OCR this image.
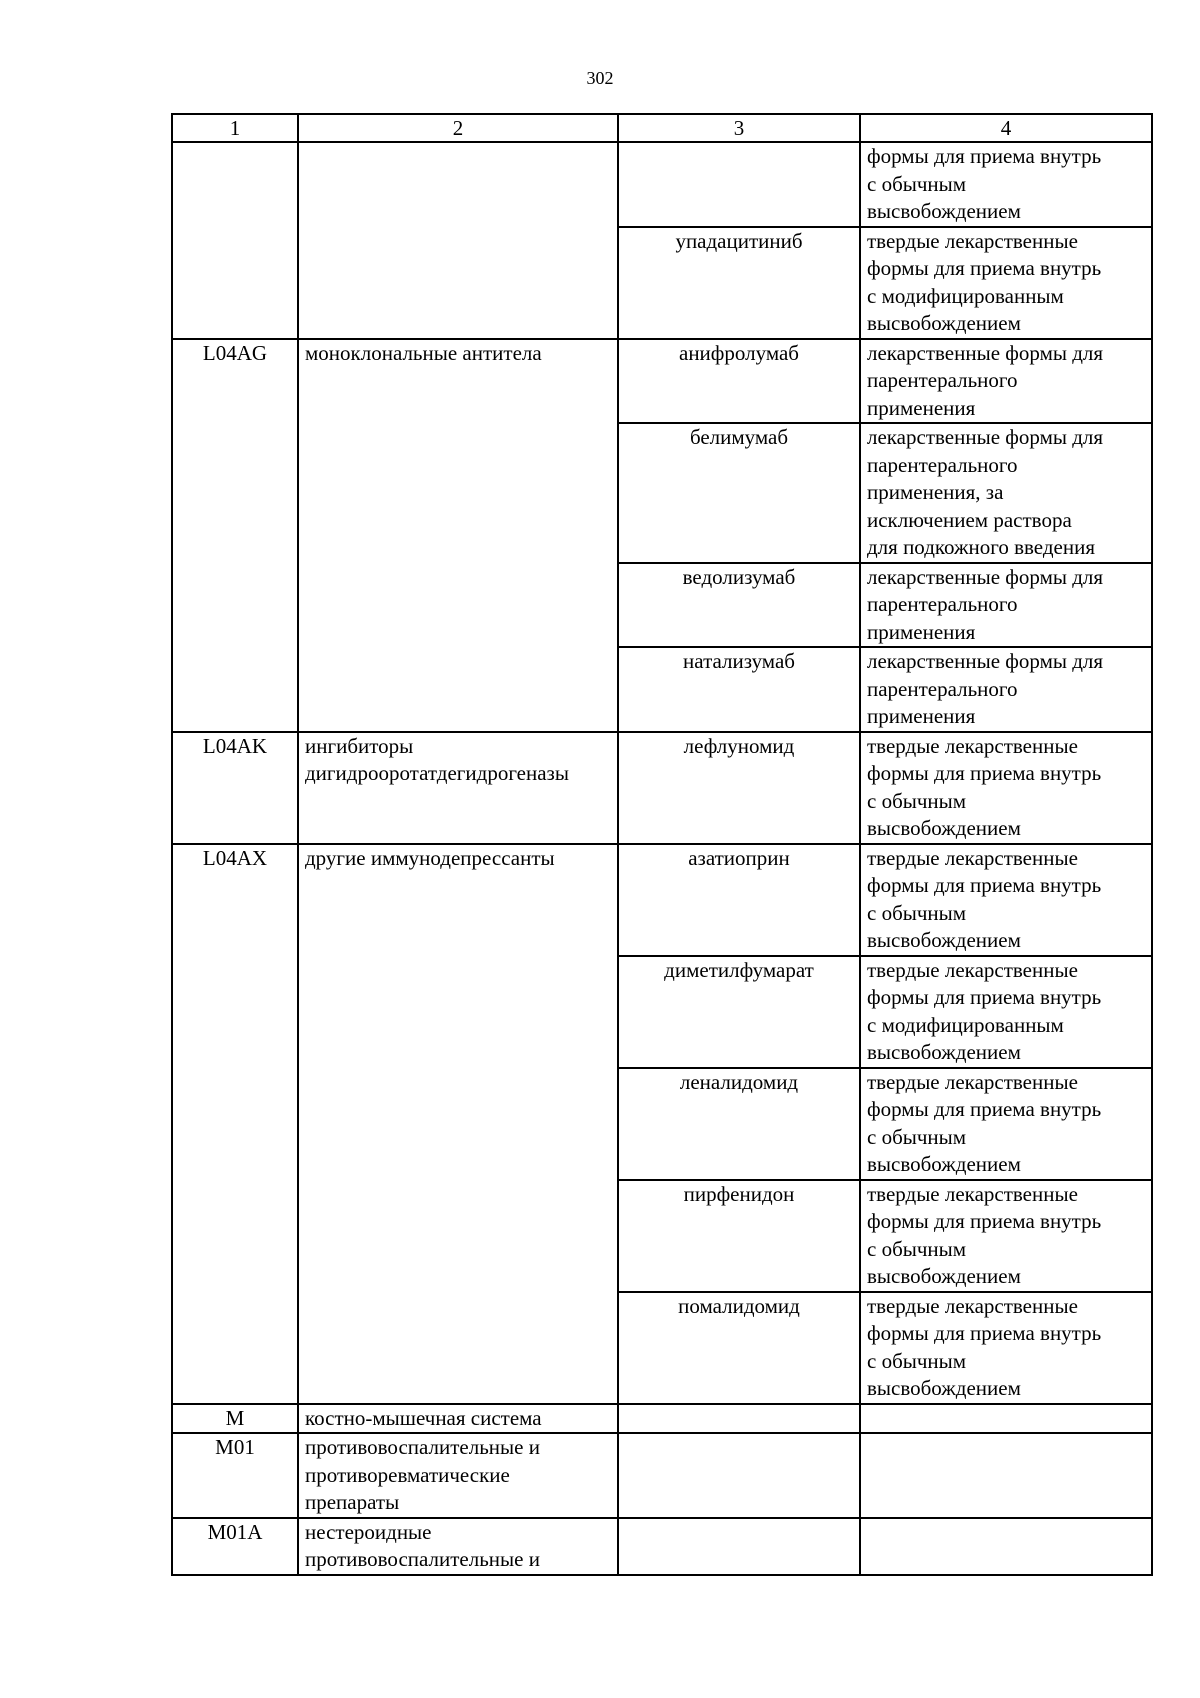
302
1	2	3	4

			формы для приема внутрь
с обычным
высвобождением

		упадацитиниб	твердые лекарственные
формы для приема внутрь
с модифицированным
высвобождением

L04AG	моноклональные антитела	анифролумаб	лекарственные формы для
парентерального
применения

		белимумаб	лекарственные формы для
парентерального
применения, за
исключением раствора
для подкожного введения

		ведолизумаб	лекарственные формы для
парентерального
применения

		натализумаб	лекарственные формы для
парентерального
применения

L04AK	ингибиторы
дигидрооротатдегидрогеназы	лефлуномид	твердые лекарственные
формы для приема внутрь
с обычным
высвобождением

L04AX	другие иммунодепрессанты	азатиоприн	твердые лекарственные
формы для приема внутрь
с обычным
высвобождением

		диметилфумарат	твердые лекарственные
формы для приема внутрь
с модифицированным
высвобождением

		леналидомид	твердые лекарственные
формы для приема внутрь
с обычным
высвобождением

		пирфенидон	твердые лекарственные
формы для приема внутрь
с обычным
высвобождением

		помалидомид	твердые лекарственные
формы для приема внутрь
с обычным
высвобождением

M	костно-мышечная система		

M01	противовоспалительные и
противоревматические
препараты		

M01A	нестероидные
противовоспалительные и		
